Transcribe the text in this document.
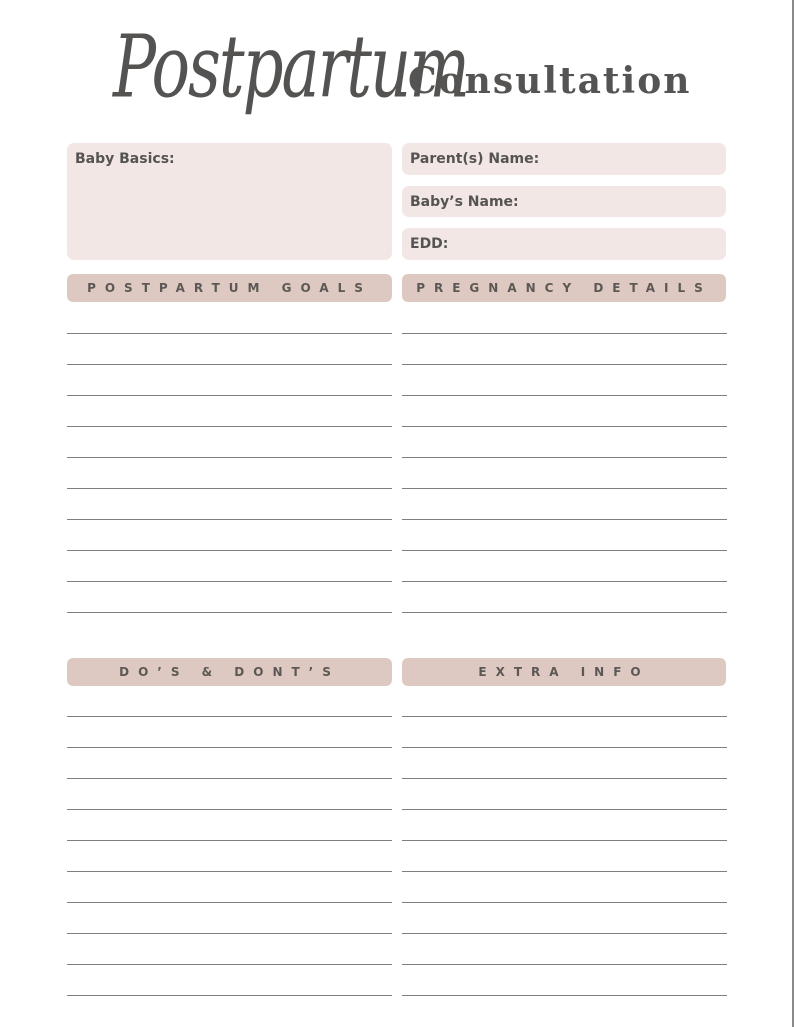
Postpartum
Consultation
Baby Basics:	Parent(s) Name:
Baby’s Name:
EDD:
POSTPARTUM GOALS	PREGNANCY DETAILS
DO’S & DONT’S	EXTRA INFO
